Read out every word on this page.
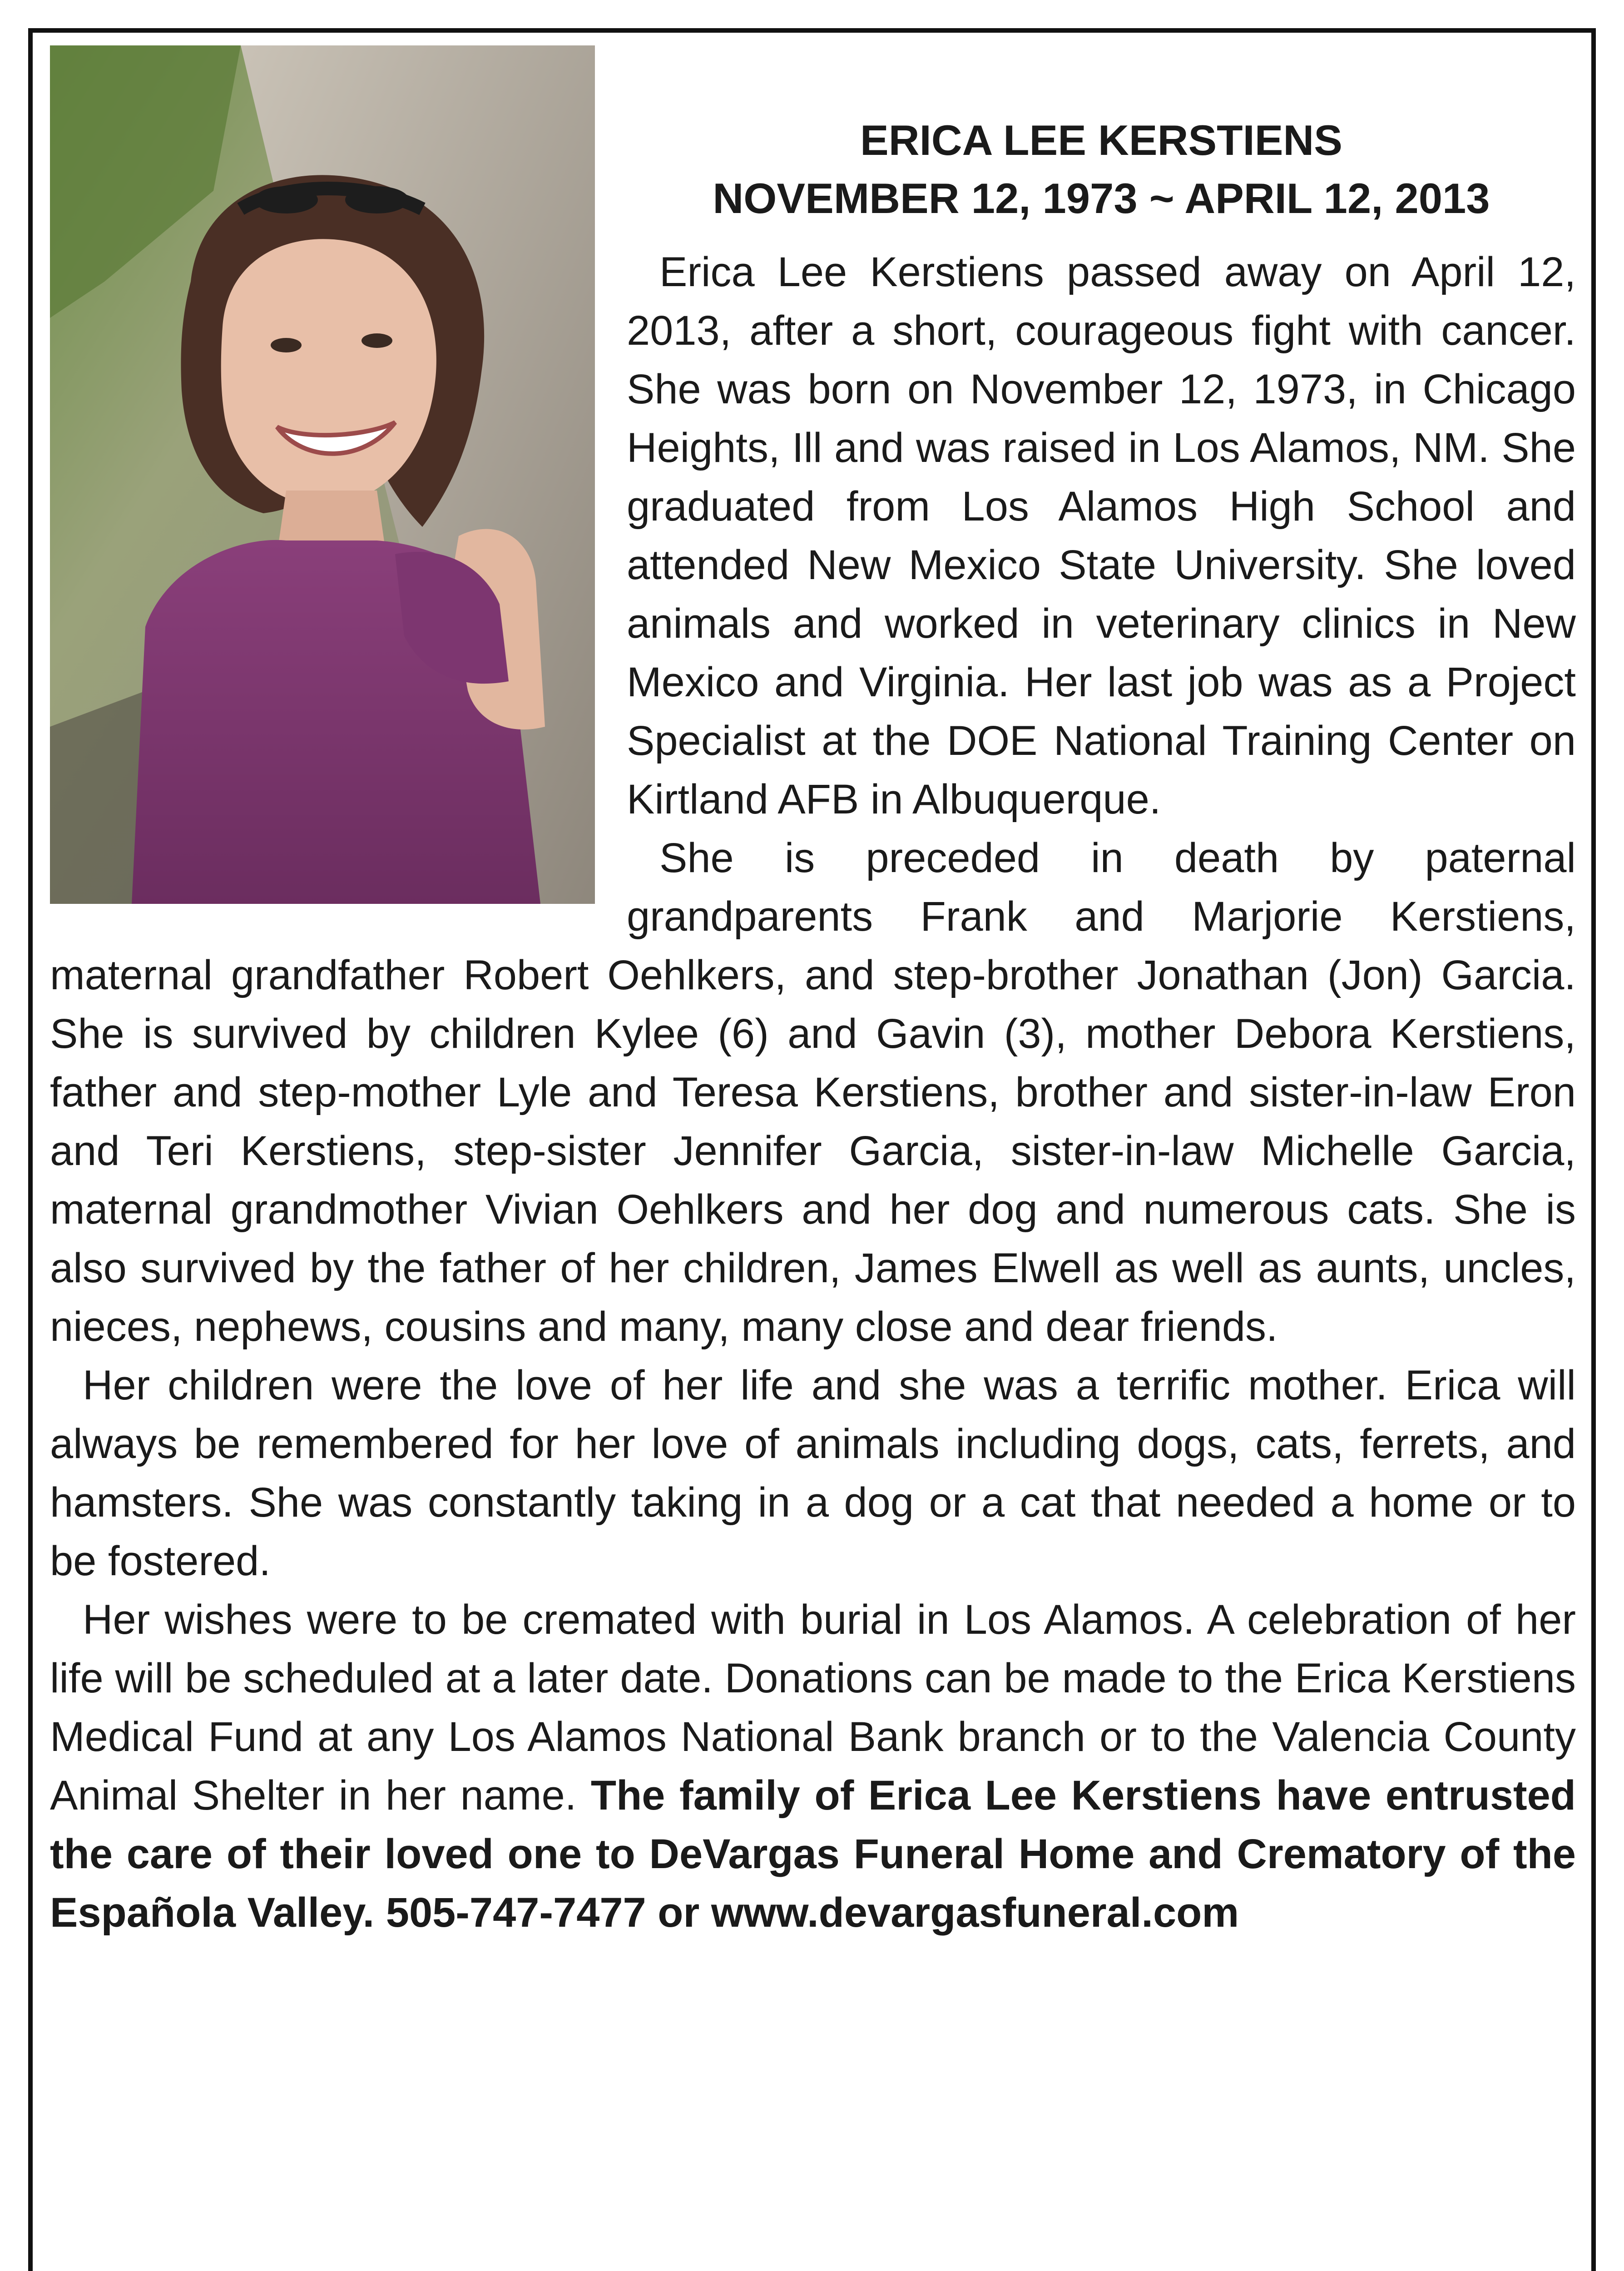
ERICA LEE KERSTIENS
NOVEMBER 12, 1973 ~ APRIL 12, 2013

Erica Lee Kerstiens passed away on April 12, 2013, after a short, courageous fight with cancer. She was born on November 12, 1973, in Chicago Heights, Ill and was raised in Los Alamos, NM. She graduated from Los Alamos High School and attended New Mexico State University. She loved animals and worked in veterinary clinics in New Mexico and Virginia. Her last job was as a Project Specialist at the DOE National Training Center on Kirtland AFB in Albuquerque.

She is preceded in death by paternal grandparents Frank and Marjorie Kerstiens, maternal grandfather Robert Oehlkers, and step-brother Jonathan (Jon) Garcia. She is survived by children Kylee (6) and Gavin (3), mother Debora Kerstiens, father and step-mother Lyle and Teresa Kerstiens, brother and sister-in-law Eron and Teri Kerstiens, step-sister Jennifer Garcia, sister-in-law Michelle Garcia, maternal grandmother Vivian Oehlkers and her dog and numerous cats. She is also survived by the father of her children, James Elwell as well as aunts, uncles, nieces, nephews, cousins and many, many close and dear friends.

Her children were the love of her life and she was a terrific mother. Erica will always be remembered for her love of animals including dogs, cats, ferrets, and hamsters. She was constantly taking in a dog or a cat that needed a home or to be fostered.

Her wishes were to be cremated with burial in Los Alamos. A celebration of her life will be scheduled at a later date. Donations can be made to the Erica Kerstiens Medical Fund at any Los Alamos National Bank branch or to the Valencia County Animal Shelter in her name. The family of Erica Lee Kerstiens have entrusted the care of their loved one to DeVargas Funeral Home and Crematory of the Española Valley. 505-747-7477 or www.devargasfuneral.com
